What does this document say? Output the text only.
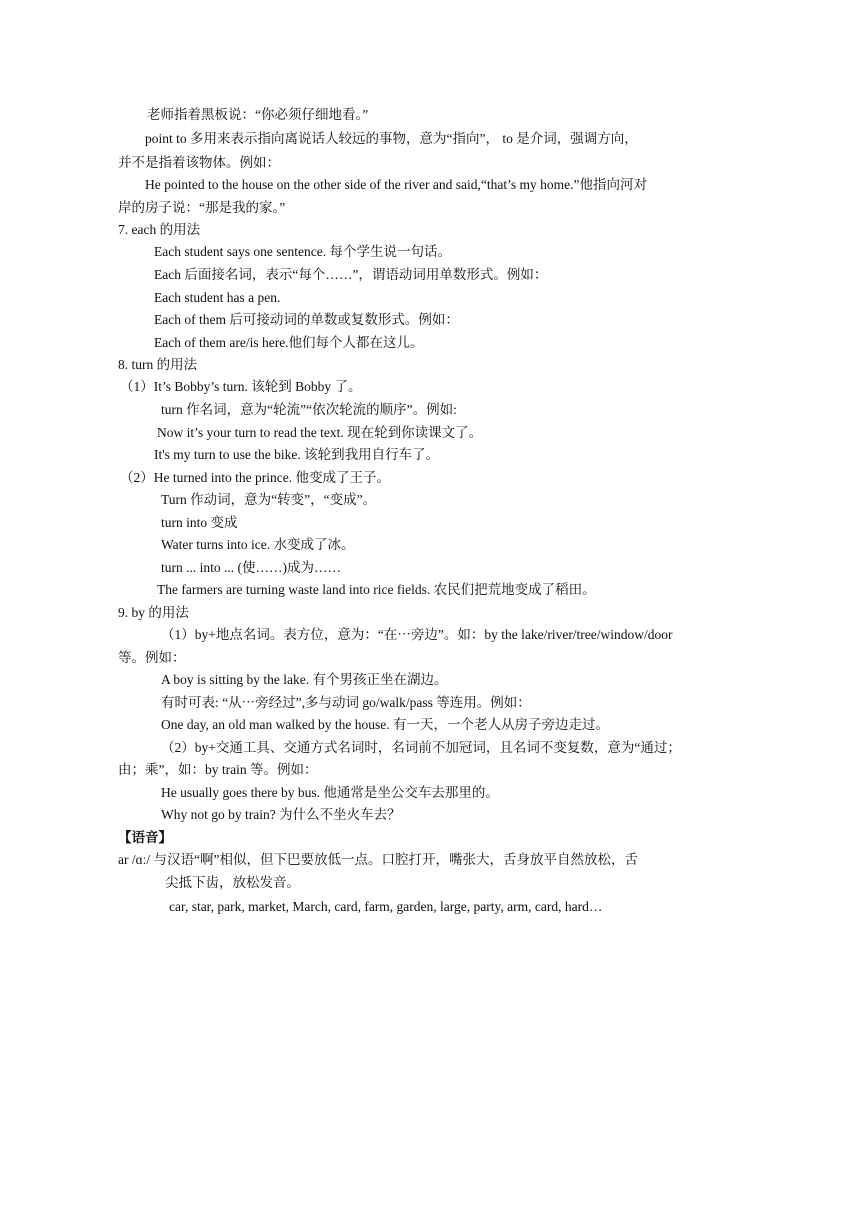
老师指着黑板说：“你必须仔细地看。”
point to 多用来表示指向离说话人较远的事物，意为“指向”， to 是介词，强调方向，
并不是指着该物体。例如：
He pointed to the house on the other side of the river and said,“that’s my home.”他指向河对
岸的房子说：“那是我的家。”
7. each 的用法
Each student says one sentence. 每个学生说一句话。
Each 后面接名词，表示“每个……”，谓语动词用单数形式。例如：
Each student has a pen.
Each of them 后可接动词的单数或复数形式。例如：
Each of them are/is here.他们每个人都在这儿。
8. turn 的用法
（1）It’s Bobby’s turn. 该轮到 Bobby 了。
turn 作名词，意为“轮流”“依次轮流的顺序”。例如:
Now it’s your turn to read the text. 现在轮到你读课文了。
It's my turn to use the bike. 该轮到我用自行车了。
（2）He turned into the prince. 他变成了王子。
Turn 作动词，意为“转变”，“变成”。
turn into 变成
Water turns into ice. 水变成了冰。
turn ... into ... (使……)成为……
The farmers are turning waste land into rice fields. 农民们把荒地变成了稻田。
9. by 的用法
（1）by+地点名词。表方位，意为：“在⋯旁边”。如：by the lake/river/tree/window/door
等。例如：
A boy is sitting by the lake. 有个男孩正坐在湖边。
有时可表: “从⋯旁经过”,多与动词 go/walk/pass 等连用。例如：
One day, an old man walked by the house. 有一天，一个老人从房子旁边走过。
（2）by+交通工具、交通方式名词时，名词前不加冠词，且名词不变复数，意为“通过；
由；乘”，如：by train 等。例如：
He usually goes there by bus. 他通常是坐公交车去那里的。
Why not go by train? 为什么不坐火车去？
【语音】
ar /ɑː/ 与汉语“啊”相似，但下巴要放低一点。口腔打开，嘴张大，舌身放平自然放松，舌
尖抵下齿，放松发音。
car, star, park, market, March, card, farm, garden, large, party, arm, card, hard…
